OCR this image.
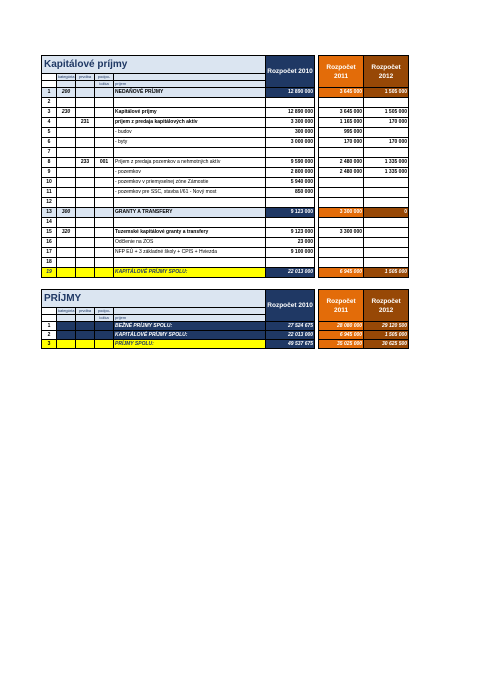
Kapitálové príjmy					Rozpočet 2010		Rozpočet 2011	Rozpočet 2012
	kategória	prvdba	podpo-					
			ložka	príjem				
1	200			NEDAŇOVÉ PRÍJMY	12 890 000		3 645 000	1 505 000
2								
3	230			Kapitálové príjmy	12 890 000		3 645 000	1 505 000
4		231		príjem z predaja kapitálových aktív	3 300 000		1 165 000	170 000
5				- budov	300 000		995 000	
6				- byty	3 000 000		170 000	170 000
7								
8		233	001	Príjem z predaja pozemkov a nehmotných aktív	9 590 000		2 480 000	1 335 000
9				- pozemkov	2 800 000		2 480 000	1 335 000
10				- pozemkov v priemyselnej zóne Zámostie	5 940 000			
11				- pozemkov pre SSC, stavba I/61 - Nový most	850 000			
12								
13	300			GRANTY A TRANSFERY	9 123 000		3 300 000	0
14								
15	320			Tuzemské kapitálové granty a transfery	9 123 000		3 300 000	
16				Odčlenie na ZOS	23 000			
17				NFP EÚ + 3 základné školy + CPIS + Hviezda	9 100 000			
18								
19				KAPITÁLOVÉ PRÍJMY SPOLU:	22 013 000		6 945 000	1 505 000
PRÍJMY					Rozpočet 2010		Rozpočet 2011	Rozpočet 2012
	kategória	prvdba	podpo-					
			ložka	príjem				
1				BEŽNÉ PRÍJMY SPOLU:	27 524 675		28 080 000	29 120 500
2				KAPITÁLOVÉ PRÍJMY SPOLU:	22 013 000		6 945 000	1 505 000
3				PRÍJMY SPOLU:	49 537 675		35 025 000	30 625 500
